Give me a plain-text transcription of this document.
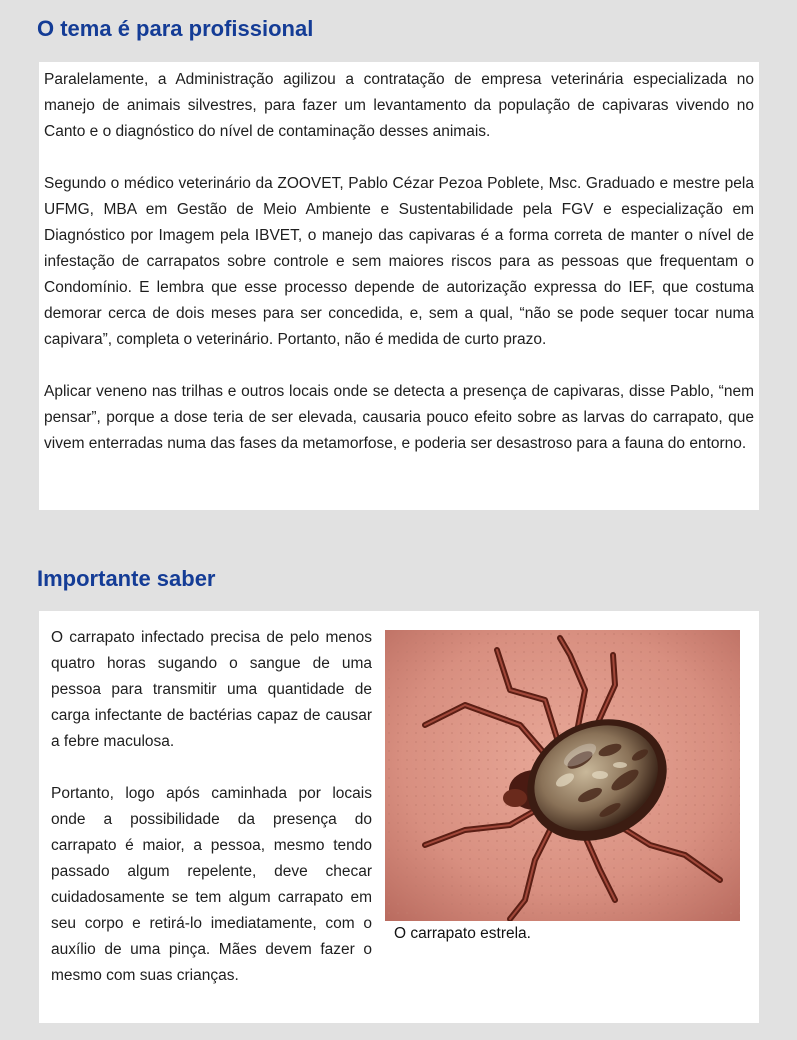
O tema é para profissional

Paralelamente, a Administração agilizou a contratação de empresa veterinária especializada no manejo de animais silvestres, para fazer um levantamento da população de capivaras vivendo no Canto e o diagnóstico do nível de contaminação desses animais.

Segundo o médico veterinário da ZOOVET, Pablo Cézar Pezoa Poblete, Msc. Graduado e mestre pela UFMG, MBA em Gestão de Meio Ambiente e Sustentabilidade pela FGV e especialização em Diagnóstico por Imagem pela IBVET, o manejo das capivaras é a forma correta de manter o nível de infestação de carrapatos sobre controle e sem maiores riscos para as pessoas que frequentam o Condomínio. E lembra que esse processo depende de autorização expressa do IEF, que costuma demorar cerca de dois meses para ser concedida, e, sem a qual, “não se pode sequer tocar numa capivara”, completa o veterinário. Portanto, não é medida de curto prazo.

Aplicar veneno nas trilhas e outros locais onde se detecta a presença de capivaras, disse Pablo, “nem pensar”, porque a dose teria de ser elevada, causaria pouco efeito sobre as larvas do carrapato, que vivem enterradas numa das fases da metamorfose, e poderia ser desastroso para a fauna do entorno.

Importante saber

O carrapato estrela.

O carrapato infectado precisa de pelo menos quatro horas sugando o sangue de uma pessoa para transmitir uma quantidade de carga infectante de bactérias capaz de causar a febre maculosa.

Portanto, logo após caminhada por locais onde a possibilidade da presença do carrapato é maior, a pessoa, mesmo tendo passado algum repelente, deve checar cuidadosamente se tem algum carrapato em seu corpo e retirá-lo imediatamente, com o auxílio de uma pinça. Mães devem fazer o mesmo com suas crianças.
